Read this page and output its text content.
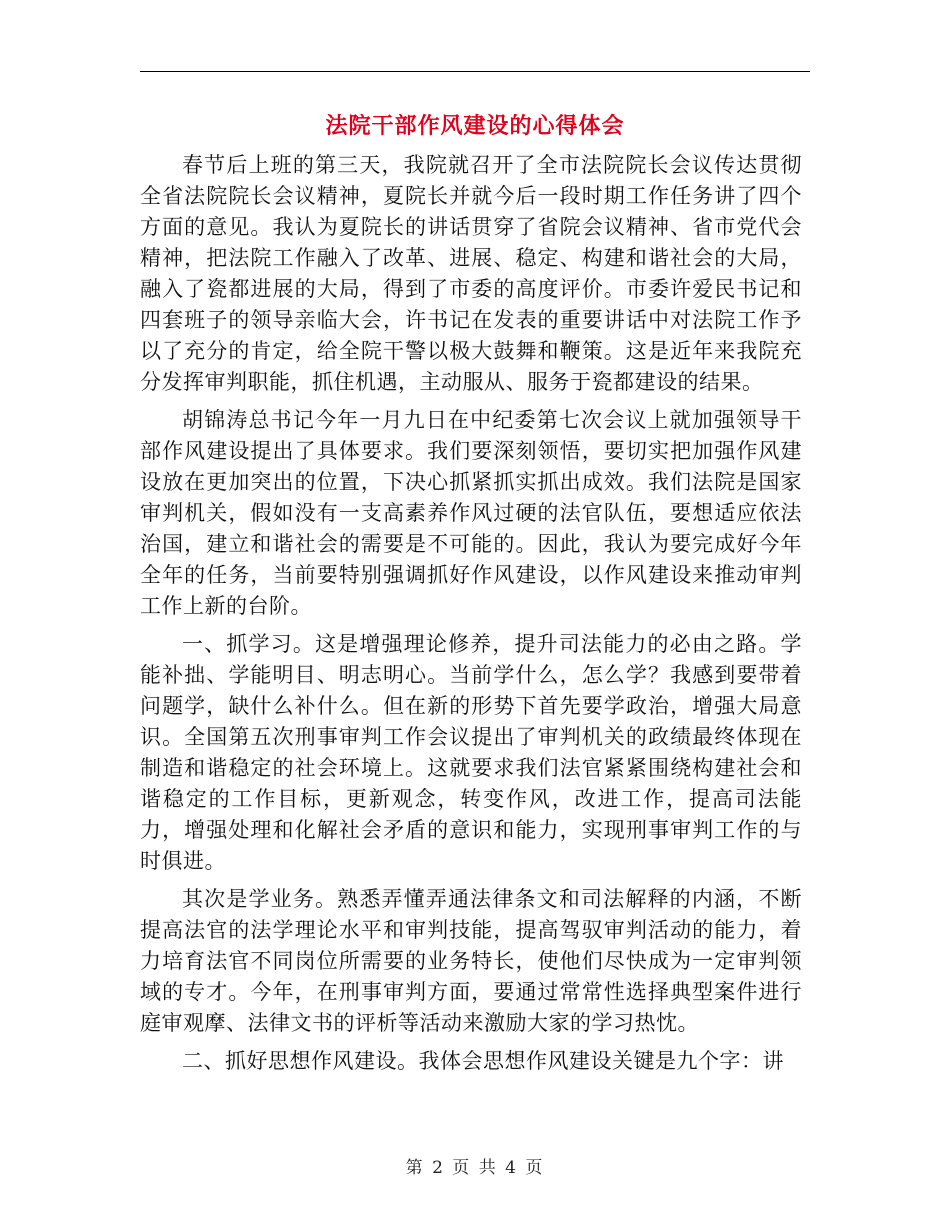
法院干部作风建设的心得体会

春节后上班的第三天，我院就召开了全市法院院长会议传达贯彻全省法院院长会议精神，夏院长并就今后一段时期工作任务讲了四个方面的意见。我认为夏院长的讲话贯穿了省院会议精神、省市党代会精神，把法院工作融入了改革、进展、稳定、构建和谐社会的大局，融入了瓷都进展的大局，得到了市委的高度评价。市委许爱民书记和四套班子的领导亲临大会，许书记在发表的重要讲话中对法院工作予以了充分的肯定，给全院干警以极大鼓舞和鞭策。这是近年来我院充分发挥审判职能，抓住机遇，主动服从、服务于瓷都建设的结果。

胡锦涛总书记今年一月九日在中纪委第七次会议上就加强领导干部作风建设提出了具体要求。我们要深刻领悟，要切实把加强作风建设放在更加突出的位置，下决心抓紧抓实抓出成效。我们法院是国家审判机关，假如没有一支高素养作风过硬的法官队伍，要想适应依法治国，建立和谐社会的需要是不可能的。因此，我认为要完成好今年全年的任务，当前要特别强调抓好作风建设，以作风建设来推动审判工作上新的台阶。

一、抓学习。这是增强理论修养，提升司法能力的必由之路。学能补拙、学能明目、明志明心。当前学什么，怎么学？我感到要带着问题学，缺什么补什么。但在新的形势下首先要学政治，增强大局意识。全国第五次刑事审判工作会议提出了审判机关的政绩最终体现在制造和谐稳定的社会环境上。这就要求我们法官紧紧围绕构建社会和谐稳定的工作目标，更新观念，转变作风，改进工作，提高司法能力，增强处理和化解社会矛盾的意识和能力，实现刑事审判工作的与时俱进。

其次是学业务。熟悉弄懂弄通法律条文和司法解释的内涵，不断提高法官的法学理论水平和审判技能，提高驾驭审判活动的能力，着力培育法官不同岗位所需要的业务特长，使他们尽快成为一定审判领域的专才。今年，在刑事审判方面，要通过常常性选择典型案件进行庭审观摩、法律文书的评析等活动来激励大家的学习热忱。

二、抓好思想作风建设。我体会思想作风建设关键是九个字：讲

第 2 页 共 4 页
